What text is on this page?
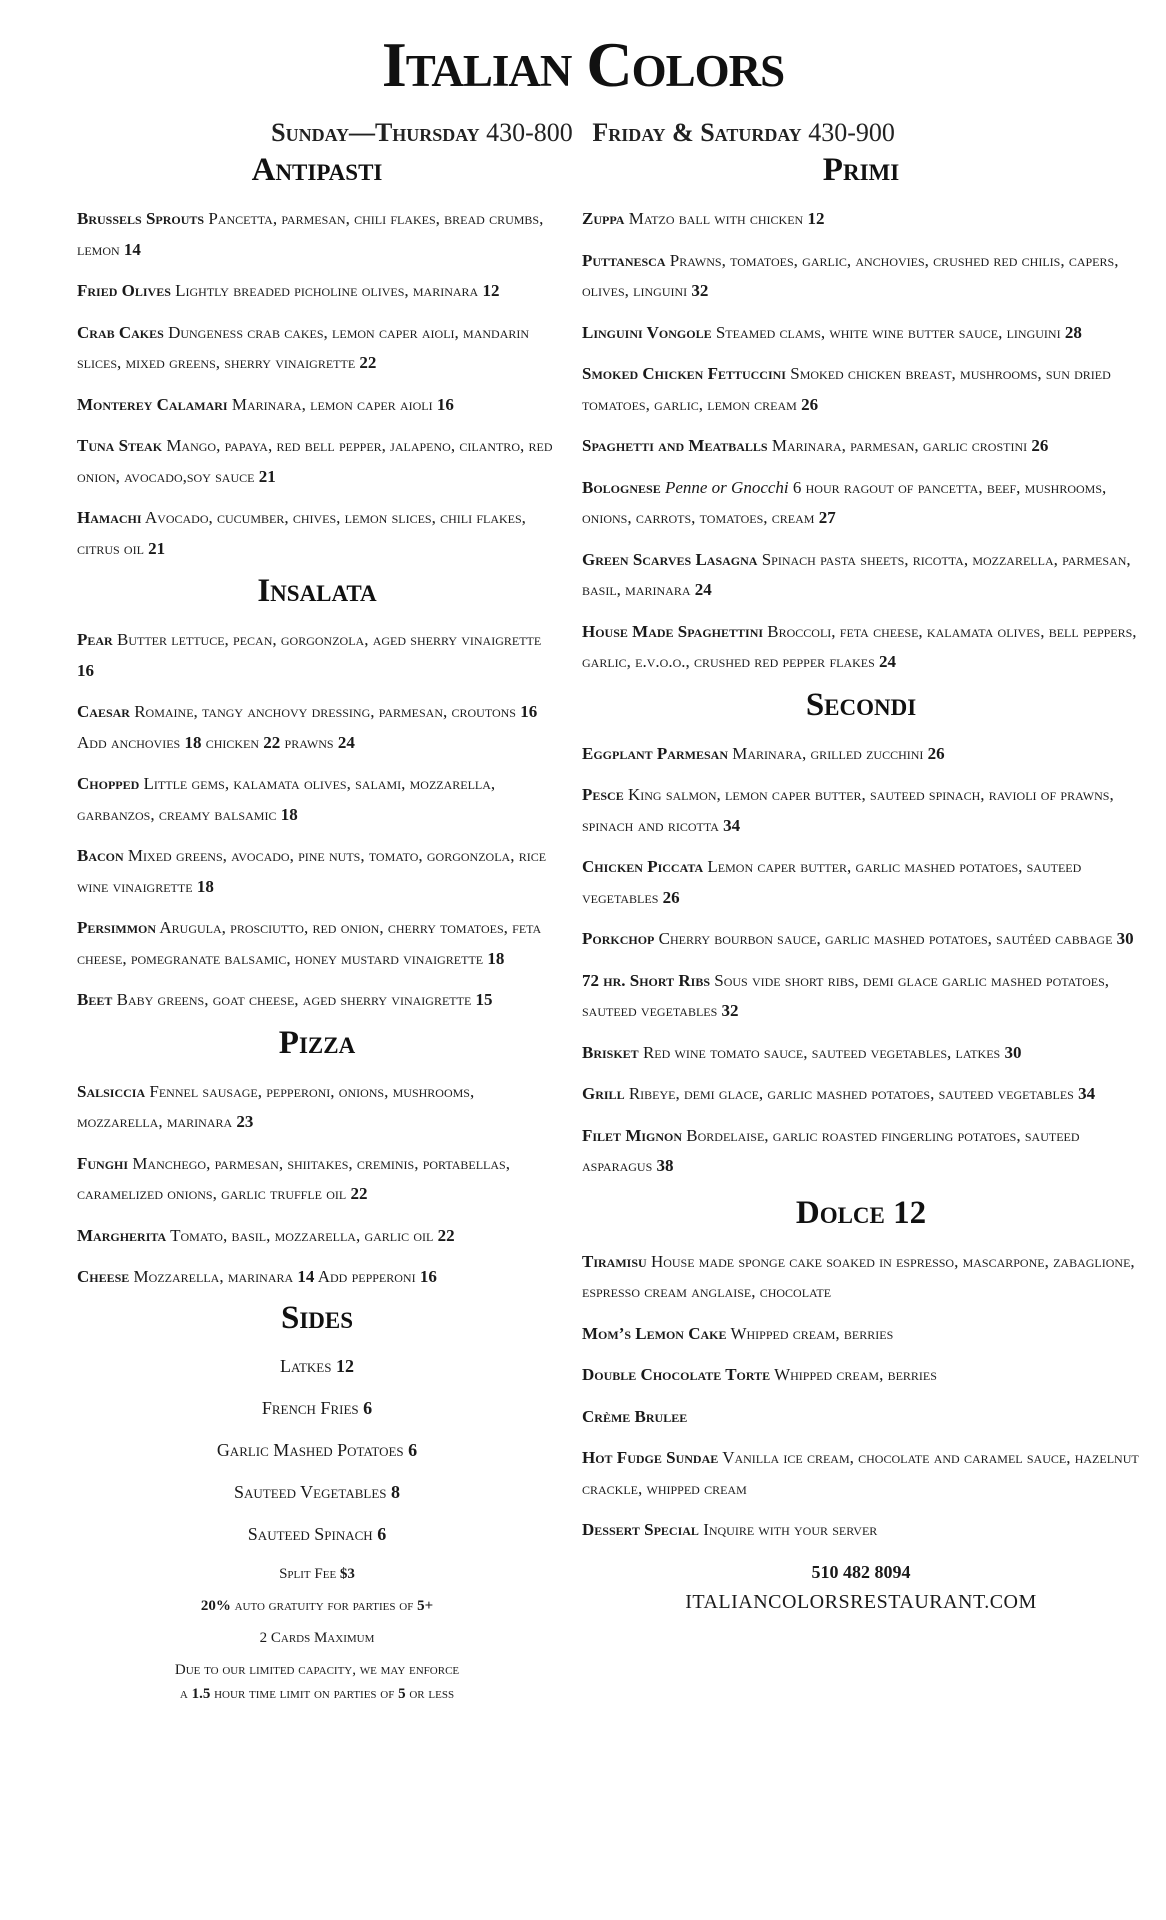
Italian Colors
Sunday—Thursday 430-800 Friday & Saturday 430-900
Antipasti
Brussels Sprouts Pancetta, parmesan, chili flakes, bread crumbs, lemon 14
Fried Olives Lightly breaded picholine olives, marinara 12
Crab Cakes Dungeness crab cakes, lemon caper aioli, mandarin slices, mixed greens, sherry vinaigrette 22
Monterey Calamari Marinara, lemon caper aioli 16
Tuna Steak Mango, papaya, red bell pepper, jalapeno, cilantro, red onion, avocado,soy sauce 21
Hamachi Avocado, cucumber, chives, lemon slices, chili flakes, citrus oil 21
Insalata
Pear Butter lettuce, pecan, gorgonzola, aged sherry vinaigrette 16
Caesar Romaine, tangy anchovy dressing, parmesan, croutons 16 Add anchovies 18 chicken 22 prawns 24
Chopped Little gems, kalamata olives, salami, mozzarella, garbanzos, creamy balsamic 18
Bacon Mixed greens, avocado, pine nuts, tomato, gorgonzola, rice wine vinaigrette 18
Persimmon Arugula, prosciutto, red onion, cherry tomatoes, feta cheese, pomegranate balsamic, honey mustard vinaigrette 18
Beet Baby greens, goat cheese, aged sherry vinaigrette 15
Pizza
Salsiccia Fennel sausage, pepperoni, onions, mushrooms, mozzarella, marinara 23
Funghi Manchego, parmesan, shiitakes, creminis, portabellas, caramelized onions, garlic truffle oil 22
Margherita Tomato, basil, mozzarella, garlic oil 22
Cheese Mozzarella, marinara 14 Add pepperoni 16
Sides
Latkes 12
French Fries 6
Garlic Mashed Potatoes 6
Sauteed Vegetables 8
Sauteed Spinach 6
Split Fee $3
20% auto gratuity for parties of 5+
2 Cards Maximum
Due to our limited capacity, we may enforce
a 1.5 hour time limit on parties of 5 or less
Primi
Zuppa Matzo ball with chicken 12
Puttanesca Prawns, tomatoes, garlic, anchovies, crushed red chilis, capers, olives, linguini 32
Linguini Vongole Steamed clams, white wine butter sauce, linguini 28
Smoked Chicken Fettuccini Smoked chicken breast, mushrooms, sun dried tomatoes, garlic, lemon cream 26
Spaghetti and Meatballs Marinara, parmesan, garlic crostini 26
Bolognese Penne or Gnocchi 6 hour ragout of pancetta, beef, mushrooms, onions, carrots, tomatoes, cream 27
Green Scarves Lasagna Spinach pasta sheets, ricotta, mozzarella, parmesan, basil, marinara 24
House Made Spaghettini Broccoli, feta cheese, kalamata olives, bell peppers, garlic, e.v.o.o., crushed red pepper flakes 24
Secondi
Eggplant Parmesan Marinara, grilled zucchini 26
Pesce King salmon, lemon caper butter, sauteed spinach, ravioli of prawns, spinach and ricotta 34
Chicken Piccata Lemon caper butter, garlic mashed potatoes, sauteed vegetables 26
Porkchop Cherry bourbon sauce, garlic mashed potatoes, sautéed cabbage 30
72 hr. Short Ribs Sous vide short ribs, demi glace garlic mashed potatoes, sauteed vegetables 32
Brisket Red wine tomato sauce, sauteed vegetables, latkes 30
Grill Ribeye, demi glace, garlic mashed potatoes, sauteed vegetables 34
Filet Mignon Bordelaise, garlic roasted fingerling potatoes, sauteed asparagus 38
Dolce 12
Tiramisu House made sponge cake soaked in espresso, mascarpone, zabaglione, espresso cream anglaise, chocolate
Mom’s Lemon Cake Whipped cream, berries
Double Chocolate Torte Whipped cream, berries
Crème Brulee
Hot Fudge Sundae Vanilla ice cream, chocolate and caramel sauce, hazelnut crackle, whipped cream
Dessert Special Inquire with your server
510 482 8094
ITALIANCOLORSRESTAURANT.COM
